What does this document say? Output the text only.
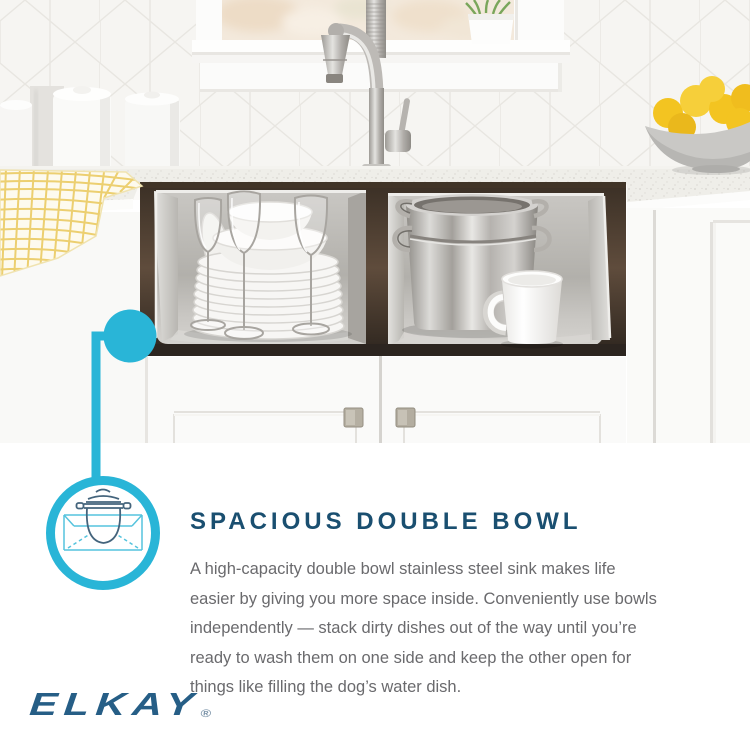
SPACIOUS DOUBLE BOWL
A high-capacity double bowl stainless steel sink makes life
easier by giving you more space inside. Conveniently use bowls
independently — stack dirty dishes out of the way until you’re
ready to wash them on one side and keep the other open for
things like filling the dog’s water dish.
ELKAY®
